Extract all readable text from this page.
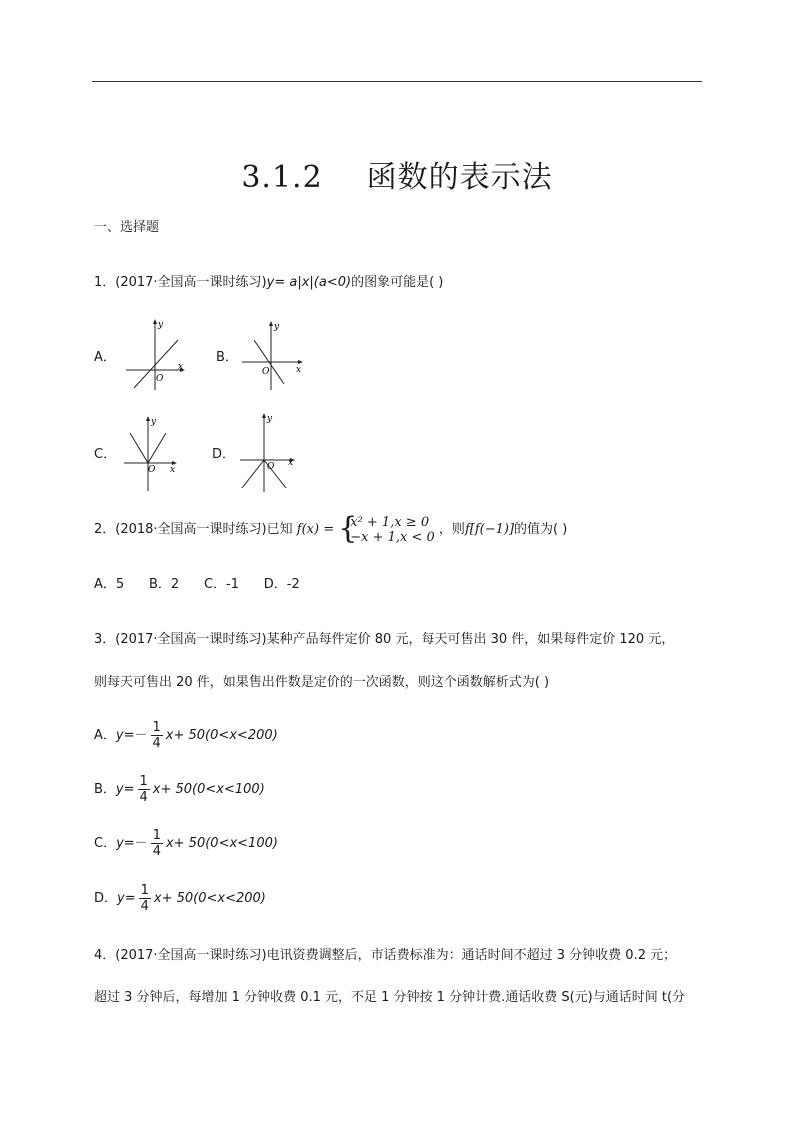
3.1.2 函数的表示法
一、选择题
1．(2017·全国高一课时练习)y= a|x|(a<0)的图象可能是( )
A．
y
x
O
B．
y
x
O
C．
y
x
O
D．
y
x
O
2．(2018·全国高一课时练习)已知 f(x) = {
x² + 1,x ≥ 0
−x + 1,x < 0 ，则f[f(−1)]的值为( )
A．5      B．2      C．-1      D．-2
3．(2017·全国高一课时练习)某种产品每件定价 80 元，每天可售出 30 件，如果每件定价 120 元，
则每天可售出 20 件，如果售出件数是定价的一次函数，则这个函数解析式为( )
A．$y=- \frac{1}{4} x+ 50(0<x<200)$
B．$y= \frac{1}{4} x+ 50(0<x<100)$
C．$y=- \frac{1}{4} x+ 50(0<x<100)$
D．$y= \frac{1}{4} x+ 50(0<x<200)$
4．(2017·全国高一课时练习)电讯资费调整后，市话费标准为：通话时间不超过 3 分钟收费 0.2 元；
超过 3 分钟后，每增加 1 分钟收费 0.1 元，不足 1 分钟按 1 分钟计费.通话收费 S(元)与通话时间 t(分
